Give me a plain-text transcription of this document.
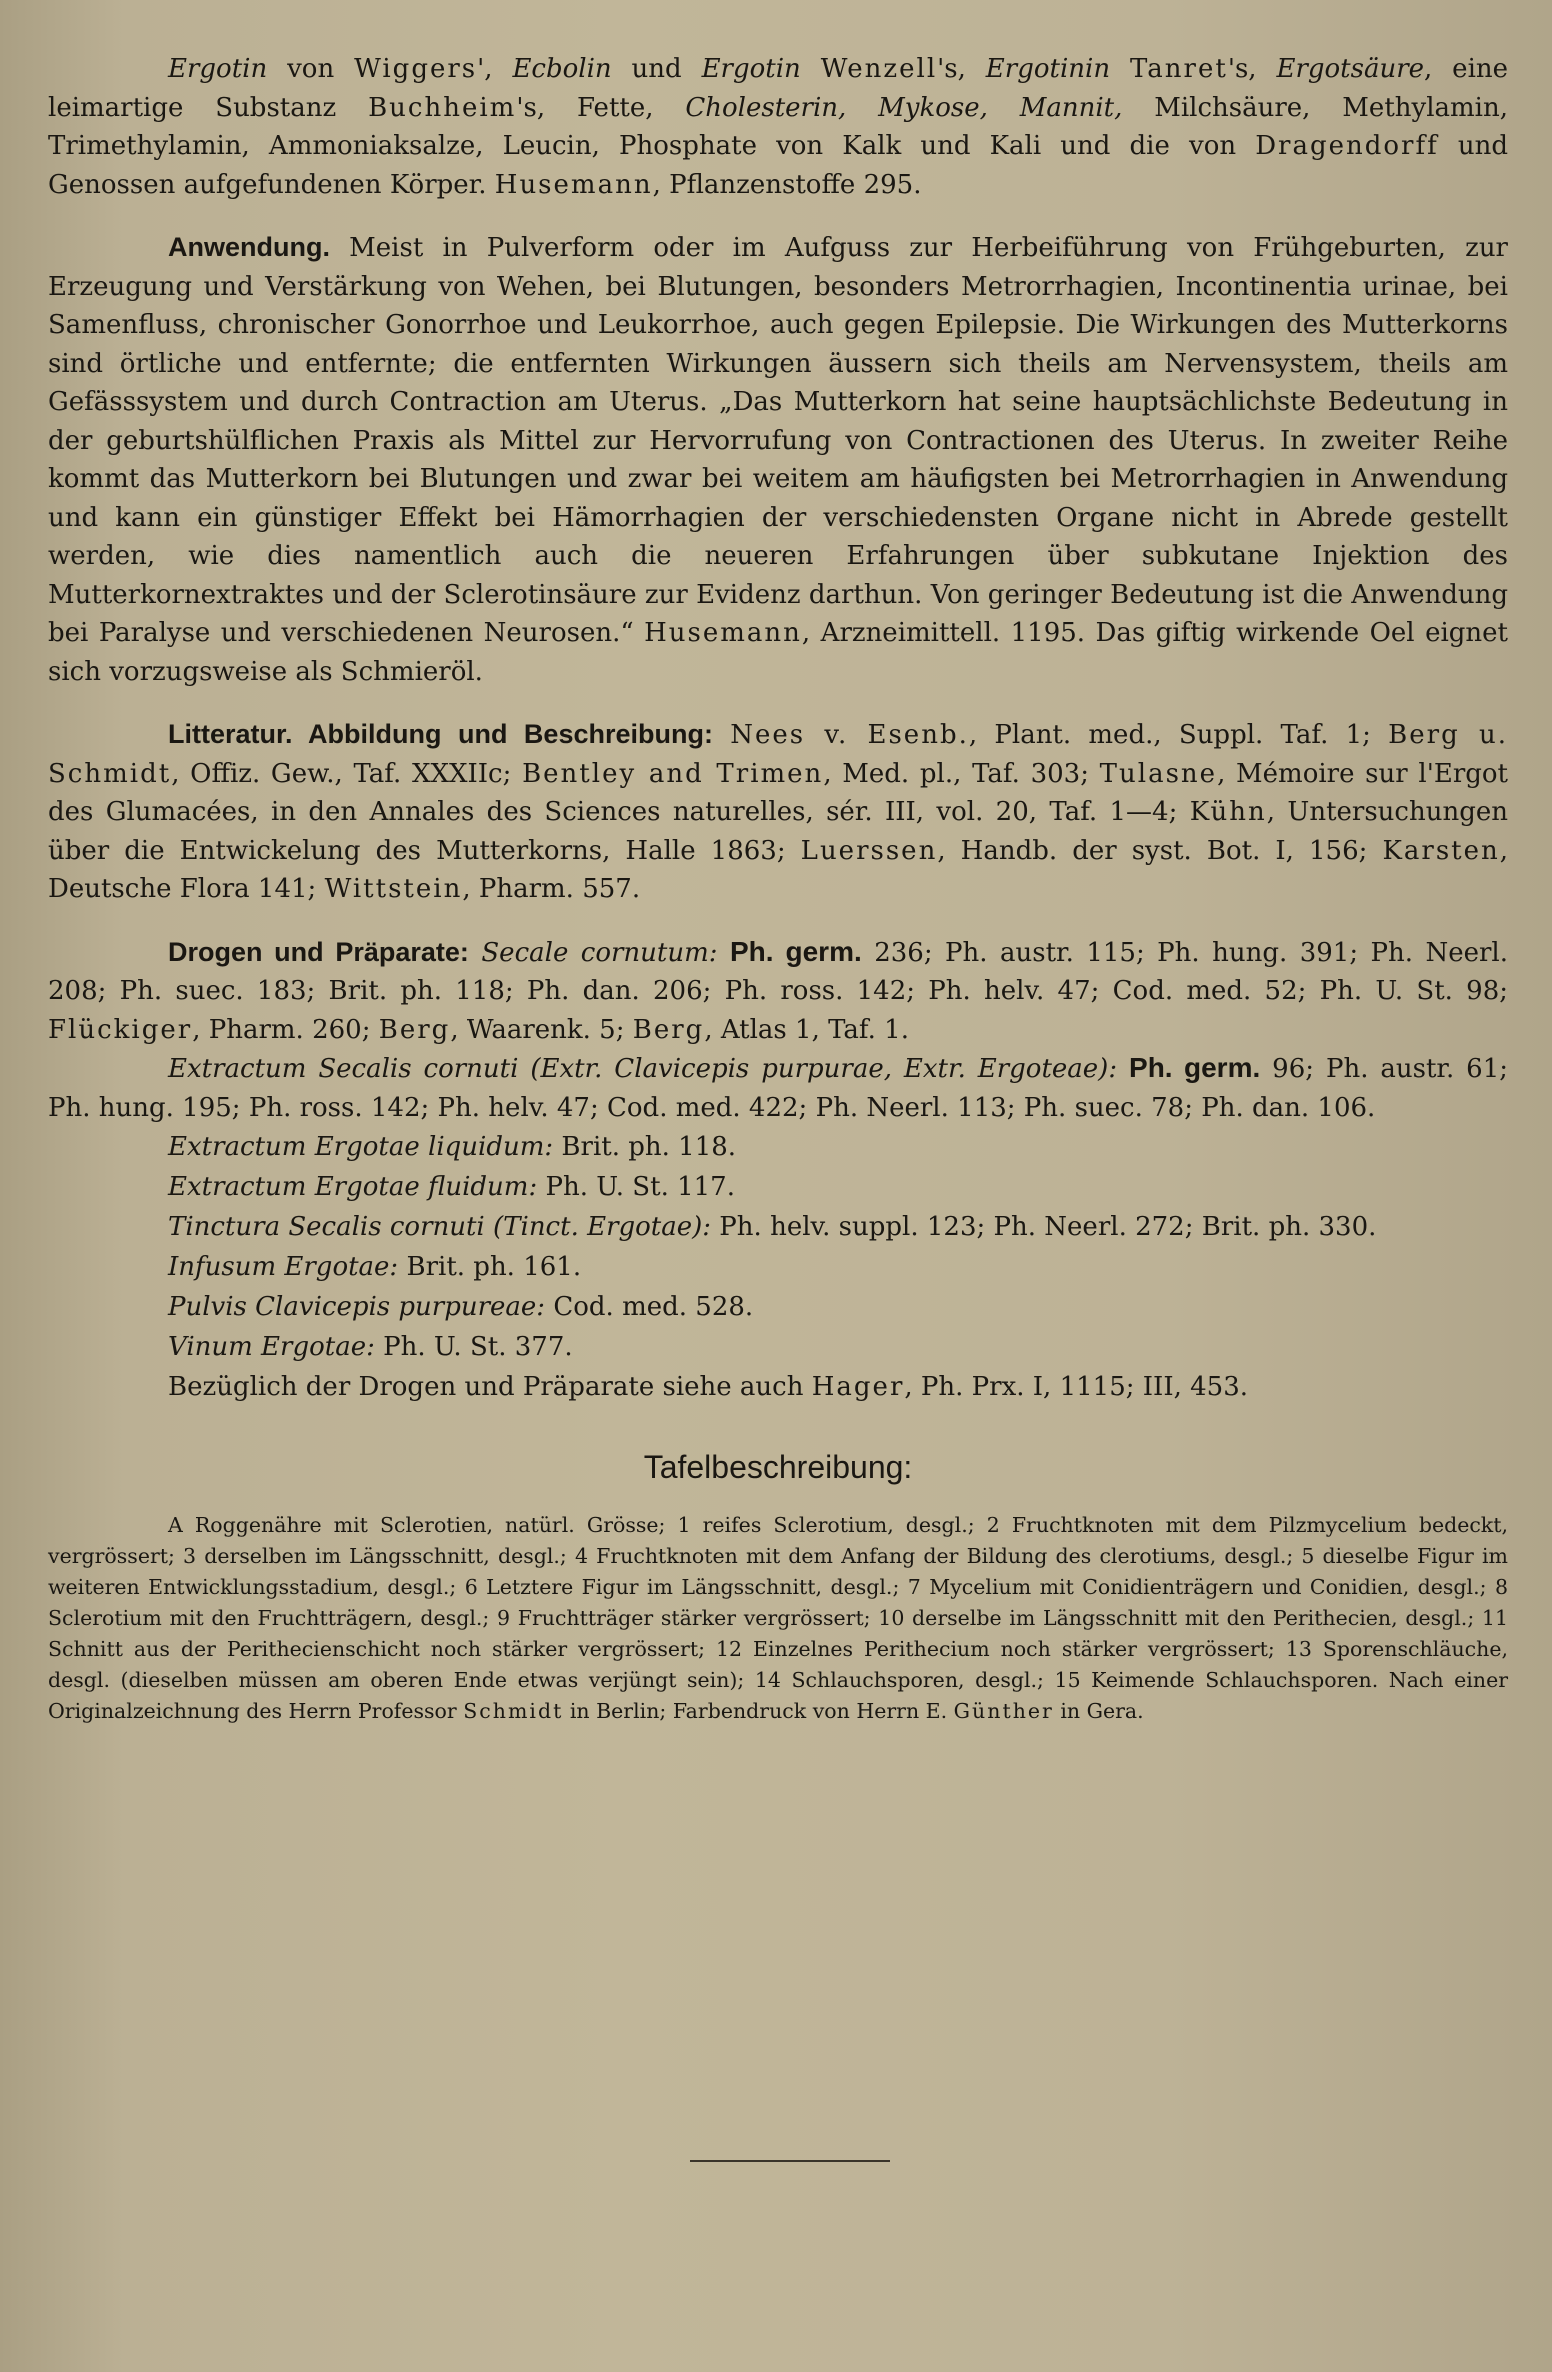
Ergotin von Wiggers', Ecbolin und Ergotin Wenzell's, Ergotinin Tanret's, Ergotsäure, eine leimartige Substanz Buchheim's, Fette, Cholesterin, Mykose, Mannit, Milchsäure, Methylamin, Trimethylamin, Ammoniaksalze, Leucin, Phosphate von Kalk und Kali und die von Dragendorff und Genossen aufgefundenen Körper. Husemann, Pflanzenstoffe 295.

Anwendung. Meist in Pulverform oder im Aufguss zur Herbeiführung von Frühgeburten, zur Erzeugung und Verstärkung von Wehen, bei Blutungen, besonders Metrorrhagien, Incontinentia urinae, bei Samenfluss, chronischer Gonorrhoe und Leukorrhoe, auch gegen Epilepsie. Die Wirkungen des Mutterkorns sind örtliche und entfernte; die entfernten Wirkungen äussern sich theils am Nervensystem, theils am Gefässsystem und durch Contraction am Uterus. „Das Mutterkorn hat seine hauptsächlichste Bedeutung in der geburtshülflichen Praxis als Mittel zur Hervorrufung von Contractionen des Uterus. In zweiter Reihe kommt das Mutterkorn bei Blutungen und zwar bei weitem am häufigsten bei Metrorrhagien in Anwendung und kann ein günstiger Effekt bei Hämorrhagien der verschiedensten Organe nicht in Abrede gestellt werden, wie dies namentlich auch die neueren Erfahrungen über subkutane Injektion des Mutterkornextraktes und der Sclerotinsäure zur Evidenz darthun. Von geringer Bedeutung ist die Anwendung bei Paralyse und verschiedenen Neurosen.“ Husemann, Arzneimittell. 1195. Das giftig wirkende Oel eignet sich vorzugsweise als Schmieröl.

Litteratur. Abbildung und Beschreibung: Nees v. Esenb., Plant. med., Suppl. Taf. 1; Berg u. Schmidt, Offiz. Gew., Taf. XXXIIc; Bentley and Trimen, Med. pl., Taf. 303; Tulasne, Mémoire sur l'Ergot des Glumacées, in den Annales des Sciences naturelles, sér. III, vol. 20, Taf. 1—4; Kühn, Untersuchungen über die Entwickelung des Mutterkorns, Halle 1863; Luerssen, Handb. der syst. Bot. I, 156; Karsten, Deutsche Flora 141; Wittstein, Pharm. 557.

Drogen und Präparate: Secale cornutum: Ph. germ. 236; Ph. austr. 115; Ph. hung. 391; Ph. Neerl. 208; Ph. suec. 183; Brit. ph. 118; Ph. dan. 206; Ph. ross. 142; Ph. helv. 47; Cod. med. 52; Ph. U. St. 98; Flückiger, Pharm. 260; Berg, Waarenk. 5; Berg, Atlas 1, Taf. 1.

Extractum Secalis cornuti (Extr. Clavicepis purpurae, Extr. Ergoteae): Ph. germ. 96; Ph. austr. 61; Ph. hung. 195; Ph. ross. 142; Ph. helv. 47; Cod. med. 422; Ph. Neerl. 113; Ph. suec. 78; Ph. dan. 106.

Extractum Ergotae liquidum: Brit. ph. 118.

Extractum Ergotae fluidum: Ph. U. St. 117.

Tinctura Secalis cornuti (Tinct. Ergotae): Ph. helv. suppl. 123; Ph. Neerl. 272; Brit. ph. 330.

Infusum Ergotae: Brit. ph. 161.

Pulvis Clavicepis purpureae: Cod. med. 528.

Vinum Ergotae: Ph. U. St. 377.

Bezüglich der Drogen und Präparate siehe auch Hager, Ph. Prx. I, 1115; III, 453.

Tafelbeschreibung:

A Roggenähre mit Sclerotien, natürl. Grösse; 1 reifes Sclerotium, desgl.; 2 Fruchtknoten mit dem Pilzmycelium bedeckt, vergrössert; 3 derselben im Längsschnitt, desgl.; 4 Fruchtknoten mit dem Anfang der Bildung des clerotiums, desgl.; 5 dieselbe Figur im weiteren Entwicklungsstadium, desgl.; 6 Letztere Figur im Längsschnitt, desgl.; 7 Mycelium mit Conidienträgern und Conidien, desgl.; 8 Sclerotium mit den Fruchtträgern, desgl.; 9 Fruchtträger stärker vergrössert; 10 derselbe im Längsschnitt mit den Perithecien, desgl.; 11 Schnitt aus der Perithecienschicht noch stärker vergrössert; 12 Einzelnes Perithecium noch stärker vergrössert; 13 Sporenschläuche, desgl. (dieselben müssen am oberen Ende etwas verjüngt sein); 14 Schlauchsporen, desgl.; 15 Keimende Schlauchsporen. Nach einer Originalzeichnung des Herrn Professor Schmidt in Berlin; Farbendruck von Herrn E. Günther in Gera.
